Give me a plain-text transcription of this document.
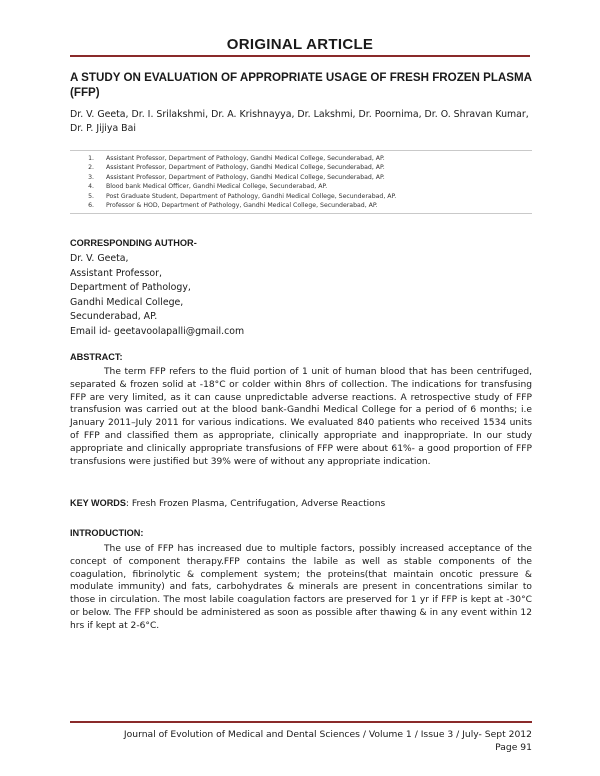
ORIGINAL ARTICLE
A STUDY ON EVALUATION OF APPROPRIATE USAGE OF FRESH FROZEN PLASMA (FFP)
Dr. V. Geeta, Dr. I. Srilakshmi, Dr. A. Krishnayya, Dr. Lakshmi, Dr. Poornima, Dr. O. Shravan Kumar, Dr. P. Jijiya Bai
1.	Assistant Professor, Department of Pathology, Gandhi Medical College, Secunderabad, AP.
2.	Assistant Professor, Department of Pathology, Gandhi Medical College, Secunderabad, AP.
3.	Assistant Professor, Department of Pathology, Gandhi Medical College, Secunderabad, AP.
4.	Blood bank Medical Officer, Gandhi Medical College, Secunderabad, AP.
5.	Post Graduate Student, Department of Pathology, Gandhi Medical College, Secunderabad, AP.
6.	Professor & HOD, Department of Pathology, Gandhi Medical College, Secunderabad, AP.
CORRESPONDING AUTHOR-
Dr. V. Geeta,
Assistant Professor,
Department of Pathology,
Gandhi Medical College,
Secunderabad, AP.
Email id- geetavoolapalli@gmail.com
ABSTRACT:
The term FFP refers to the fluid portion of 1 unit of human blood that has been centrifuged, separated & frozen solid at -18°C or colder within 8hrs of collection. The indications for transfusing FFP are very limited, as it can cause unpredictable adverse reactions. A retrospective study of FFP transfusion was carried out at the blood bank-Gandhi Medical College for a period of 6 months; i.e January 2011–July 2011 for various indications. We evaluated 840 patients who received 1534 units of FFP and classified them as appropriate, clinically appropriate and inappropriate. In our study appropriate and clinically appropriate transfusions of FFP were about 61%- a good proportion of FFP transfusions were justified but 39% were of without any appropriate indication.
KEY WORDS: Fresh Frozen Plasma, Centrifugation, Adverse Reactions
INTRODUCTION:
The use of FFP has increased due to multiple factors, possibly increased acceptance of the concept of component therapy.FFP contains the labile as well as stable components of the coagulation, fibrinolytic & complement system; the proteins(that maintain oncotic pressure & modulate immunity) and fats, carbohydrates & minerals are present in concentrations similar to those in circulation. The most labile coagulation factors are preserved for 1 yr if FFP is kept at -30°C or below. The FFP should be administered as soon as possible after thawing & in any event within 12 hrs if kept at 2-6°C.
Journal of Evolution of Medical and Dental Sciences / Volume 1 / Issue 3 / July- Sept 2012
Page 91
